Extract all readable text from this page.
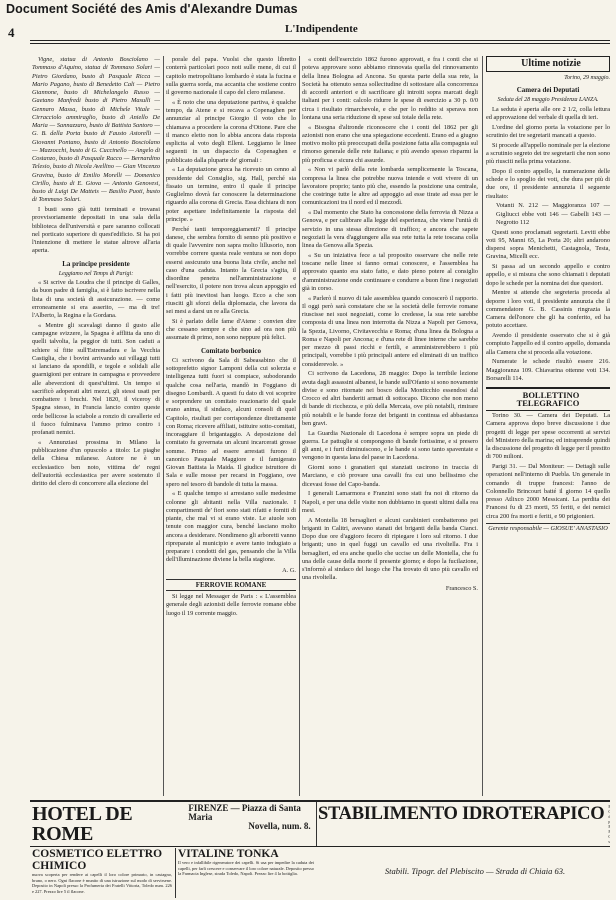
Document Société des Amis d'Alexandre Dumas
4	L'Indipendente

Vigne, statua di Antonio Bosciolano — Tommaso d'Aquino, statua di Tommaso Solari — Pietro Giordano, busto di Pasquale Ricca — Mario Pagano, busto di Benedetto Cali — Pietro Giannone, busto di Michelangelo Russo — Gaetano Manfredi busto di Pietro Masulli — Gennaro Massa, busto di Michele Vitale — Cirracciolo ammiraglio, busto di Aniello De Maria — Sannazzaro, busto di Battista Santoro — G. B. della Porta busto di Fausto Astorelli — Giovanni Pontano, busto di Antonio Bosciolano — Mazzocchi, busto di G. Cuccinello — Angelo di Costanzo, busto di Pasquale Rucco — Bernardino Telesio, busto di Nicola Avellino — Gian Vincenzo Gravina, busto di Emilio Morelli — Domenico Cirillo, busto di E. Giova — Antonio Genovesi, busto di Luigi De Matteis — Basilio Puoti, busto di Tommaso Solari.

I busti sono già tutti terminati e trovansi provvisoriamente depositati in una sala della biblioteca dell'università e pare saranno collocati nel porticato superiore di quest'edificio. Si ha poi l'intenzione di mettere le statue altrove all'aria aperta.

La principe presidente

Leggiamo nel Temps di Parigi:

« Si scrive da Loudra che il principe di Galles, da buon padre di famiglia, si è fatto iscrivere nella lista di una società di assicurazione. — come erroneamente si era asserito, — ma di tre! l'Alberto, la Regina e la Gordana.

« Mentre gli scavalagi danno il gusto alle campagne svizzere, la Spagna è afflitta da uno di quelli talvolta, la peggior di tutti. Son caduti a schiere sí fitte sull'Estremadura e la Vecchia Castiglia, che i bovini arrivando sui villaggi tutti si lanciano da spondilli, e tegole e solidali alle guarnigioni per entrare in campagna e provvedere alle abeverzioni di quest'ultimi. Un tempo si sacrificò adoperati altri mezzi, gli stessi usati per combattere i bruchi. Nel 1820, il viceroy di Spagna stesso, in Francia lancio contro queste orde bellicose la sciabole a ronzio di cavallerie ed il fuoco fulminava l'ammo primo contro i profanati nemici.

« Annunziasi prossima in Milano la pubblicazione d'un opuscolo a titolo: Le piaghe della Chiesa milanese. Autore ne è un ecclesiastico ben noto, vittima de' regni dell'autorità ecclesiastica per avere sostenuto il diritto del clero di concorrere alla elezione del

porale del papa. Vuolsi che questo libretto conterrà particolari poco noti sulle mene, di cui il capitolo metropolitano lombardo è stata la fucina e sulla guerra sorda, ma accanita che sostiene contro il governo nazionale il capo del clero milanese.

« È noto che una deputazione partiva, è qualche tempo, da Atene e si recava a Copenaghen per annunziar al principe Giorgio il voto che lo chiamava a procedere la corona d'Ottone. Pare che il manco eletto non lo abbia ancora data risposta esplicita al voto degli Elleni. Leggiamo le linee seguenti in un dispaccio da Copenaghen e pubblicato dalla pluparte de' giornali :

« La deputazione greca ha ricevuto un cenno al presidente del Consiglio, sig. Hall, perché sia fissato un termine, entro il quale il principe Guglielmo dovrà far conoscere la determinazione riguardo alla corona di Grecia. Essa dichiara di non poter aspettare indefinitamente la risposta del principe. »

Perché tanti temporeggiamenti? Il principe danese, che sembra fornito di senno più positivo e di quale l'avvenire non sapra molto lillusorio, non vorrebbe correre questa reale ventura se non dopo essersi assicurato una buona lista civile, anche nel caso d'una caduta. Intanto la Grecia s'agita, il disordine penetra nell'amministrazione e nell'esercito, il potere non trova alcun appoggio ed i fatti più inevitosi han luogo. Ecco a che son riusciti gli sforzi della diplomazia, che lavora da sei mesi a darsi un re alla Grecia.

Si è parlato delle fame d'Atene : convien dire che cessano sempre e che sino ad ora non più assumate di primo, non sono neppure più felici.

Comitato borbonico

Ci scrivono da Sala di Sabeasabino che il sottoprefetto signor Lamponi della cui solerzia e intelligenza tutti fuori si compiace, subodorando qualche cosa nell'aria, mandò in Foggiano di disegno Lombardi. A questi fu dato di voi scoprire e sorprendere un comitato reazionario del quale erano anima, il sindaco, alcuni consoli di quel Capitolo, risultati per corrispondenze direttamente con Roma; ricevere affiliati, istituire sotto-comitati, incoraggiare il brigantaggio. A deposizione del comitato fu governata un alcuni incarcerati grosse somme. Primo ad essere arrestati furono il canonico Pasquale Maggiore e il famigerato Giovan Battista la Maida. Il giudice istruttore di Sala e sulle mosse per recarsi in Foggiano, ove spero nel tesoro di bandole di tutta la massa.

« E qualche tempo si arrestano sulle medesime colonne gli abitanti nella Villa nazionale. I compartimenti de' fiori sono stati rifatti e forniti di piante, che mal vi si erano viste. Le aiuole son tenute con maggior cura, benché lasciano molto ancora a desiderare. Nondimeno gli arboretti vanno ripreparate al municipio e avere tanto indugiato a preparare i condotti del gas, pensando che la Villa dell'illuminazione diviene la bella stagione.

A. G.

FERROVIE ROMANE

Si legge nel Messager de Paris : « L'assemblea generale degli azionisti delle ferrovie romane ebbe luogo il 19 corrente maggio.

« conti dell'esercizio 1862 furono approvati, e fra i conti che si poteva approvare sono abbiamo rinnovata quella del rinnovamento della linea Bologna ad Ancona. Su questa parte della sua rete, la Società ha ottenuto senza sollecitudine di sottostare alla concorrenza di accordi anteriori e di sacrificare gli introiti sopra marcati degli italiani per i conti: calcolo ridurre le spese di esercizio a 30 p. 0/0 circa i risultato rimarchevole, e che per lo reddito si sperava non lontana una seria riduzione di spese sul totale della rete.

« Bisogna d'altronde riconoscere che i conti del 1862 per gli azionisti non erano che una spiegazione eccedenti. Erano ed a giugno motivo molto più preoccupati della posizione fatta alla compagnia sul rimorso generale delle rete italiana; e più avendo spesso risparmi la più proficua e sicura chi assurde.

« Non vi parlò della rete lombarda semplicemente la Toscana, compresa la linea che potrebbe nuova intende e voti vivere di un lavoratore proprio; tanto più che, essendo la posizione una centrale, che costringe tutte le altre ad appoggio ad esse tirate ad essa per le comunicazioni tra il nord ed il mezzodì.

« Dal momento che Stato ha concessione della ferrovia di Nizza a Genova, e per calibrare alla legge del esperienza, che viene l'unità di servizio in una stessa direzione di traffico; e ancora che sapete negoziati la vera d'aggiungere alla sua rete tutta la rete toscana colla linea da Genova alla Spezia.

« Su un iniziativa fece a tal proposito osservare che nelle rete toscane nelle linee si fanno ormai conoscere, e l'assemblea ha approvato quanto era stato fatto, e dato pieno potere al consiglio d'amministrazione onde continuare e condurre a buon fine i negoziati già in corso.

« Parlerò il nuovo di tale assemblea quando conoscerò il rapporto. Il oggi però sarà constatare che se la società delle ferrovie romane riuscisse nei suoi negoziati, come lo credesse, la sua rete sarebbe composta di una linea non interrotta da Nizza a Napoli per Genova, la Spezia, Livorno, Civitavecchia e Roma; d'una linea da Bologna a Roma e Napoli per Ancona; e d'una rete di linee interne che sarebbe per mezzo di passi ricchi e fertili, e amministrerebbero i più principali, vorrebbe i più principali antere ed eliminati di un traffico considerevole. »

Ci scrivono da Lacedona, 28 maggio: Dopo la terribile lezione avuta dagli assassini albanesi, le bande sull'Ofanto si sono novamente divise e sono ritornate nei bosco della Monticchio essendosi dal Crocco ed altri banderiti armati di sottocapo. Dicono che non meno di bande di ricchezza, e più della Mercata, ove più notabili, rimirare più notabili e le bande forze dei briganti in continua ed abbastanza ben gravi.

La Guardia Nazionale di Lacedona è sempre sopra un piede di guerra. Le pattuglie si compongono di bande fortissime, e si presero gli anni, e i furti diminuiscono, e le bande si sono tanto spaventate e vengono in questa lana del paese in Lacedona.

Giorni sono i granatieri qui stanziati uscirono in traccia di Marciano, e ciò provare una cavalli fra cui uno bellissimo che dicevasi fosse del Capo-banda.

I generali Lamarmora e Franzini sono stati fra noi di ritorno da Napoli, e per una delle visite non dubbiamo in questi ultimi dalla rea mesi.

A Montella 18 bersaglieri e alcuni carabinieri combatterono pei briganti in Calitri, avevano stanati dei briganti della banda Cianci. Dopo due ore d'aggioro fecero di ripiegare i loro sul ritorno. I due briganti; uno in quel fuggi un cavallo ed una rivoltella. Fra i bersaglieri, ed era anche quello che uccise un delle Montella, che fu una delle cause della morte il presente giorno; e dopo la fucilazione, s'informò al sindaco del luogo che l'ha trovato di uno più cavallo ed una rivoltella.

Francesco S.

Ultime notizie

Torino, 29 maggio.

Camera dei Deputati

Seduta del 28 maggio Presidenza LANZA.

La seduta è aperta alle ore 2 1/2, colla lettura ed approvazione del verbale di quella di ieri.

L'ordine del giorno porta la votazione per lo scrutinio dei tre segretarii mancati a questo.

Si procede all'appello nominale per la elezione a scrutinio segreto dei tre segretarii che non sono più riusciti nella prima votazione.

Dopo il contro appello, la numerazione delle schede e lo spoglio dei voti, che dura per più di due ore, il presidente annunzia il seguente risultato:

Votanti N. 212 — Maggioranza 107 — Gigliucci ebbe voti 146 — Gabelli 143 — Negrotto 112

Questi sono proclamati segretarii. Leviti ebbe voti 95, Manni 65, La Porta 20; altri andarono dispersi sopra Menichetti, Castagnola, Testa, Gravina, Micelli ecc.

Si passa ad un secondo appello e contro appello, e si misura che sono chiamati i deputati dopo le schede per la nomina dei due questori.

Mentre si attende che segreteria proceda al deporre i loro voti, il presidente annunzia che il commendatore G. B. Cassinis ringrazia la Camera dell'onore che gli ha conferito, ed ha potuto accettare.

Avendo il presidente osservato che si è già compiuto l'appello ed il contro appello, domanda alla Camera che si proceda alla votazione.

Numerate le schede risultò essere 216. Maggioranza 109. Chiavarina ottenne voti 134. Borsarelli 114.

BOLLETTINO TELEGRAFICO

Torino 30. — Camera dei Deputati. La Camera approva dopo breve discussione i due progetti di legge per spese occorrenti ai servizi del Ministero della marina; ed intraprende quindi la discussione del progetto di legge per il prestito di 700 milioni.

Parigi 31. — Dal Moniteur: — Dettagli sulle operazioni nell'interno di Puebla. Un generale in comando di truppe francesi: l'anno de Colonnello Brincourt batté il giorno 14 quello presso Atlixco 2000 Messicani. La perdita dei Francesi fu di 23 morti, 55 feriti, e dei nemici circa 200 fra morti e feriti, e 90 prigionieri.

Gerente responsabile — GIOSUE' ANASTASIO

HOTEL DE ROME
FIRENZE — Piazza di Santa Maria
Novella, num. 8.
STABILIMENTO IDROTERAPICO
COSMETICO ELETTRO CHIMICO
nuova scoperta per rendere ai capelli il loro colore primario, in castagno, bruno, o nero. Ogni flacone è munito di una istruzione sul modo di servirsene. Deposito in Napoli presso la Profumeria dei Fratelli Vittoria, Toledo num. 226 e 227. Prezzo lire 5 il flacone.
VITALINE TONKA
Il vero e infallibile rigeneratore dei capelli. Si usa per impedire la caduta dei capelli, per farli crescere e conservare il loro colore naturale. Deposito presso la Farmacia Inglese, strada Toledo, Napoli. Prezzo lire 4 la bottiglia.	Stabili. Tipogr. del Plebiscito — Strada di Chiaia 63.
